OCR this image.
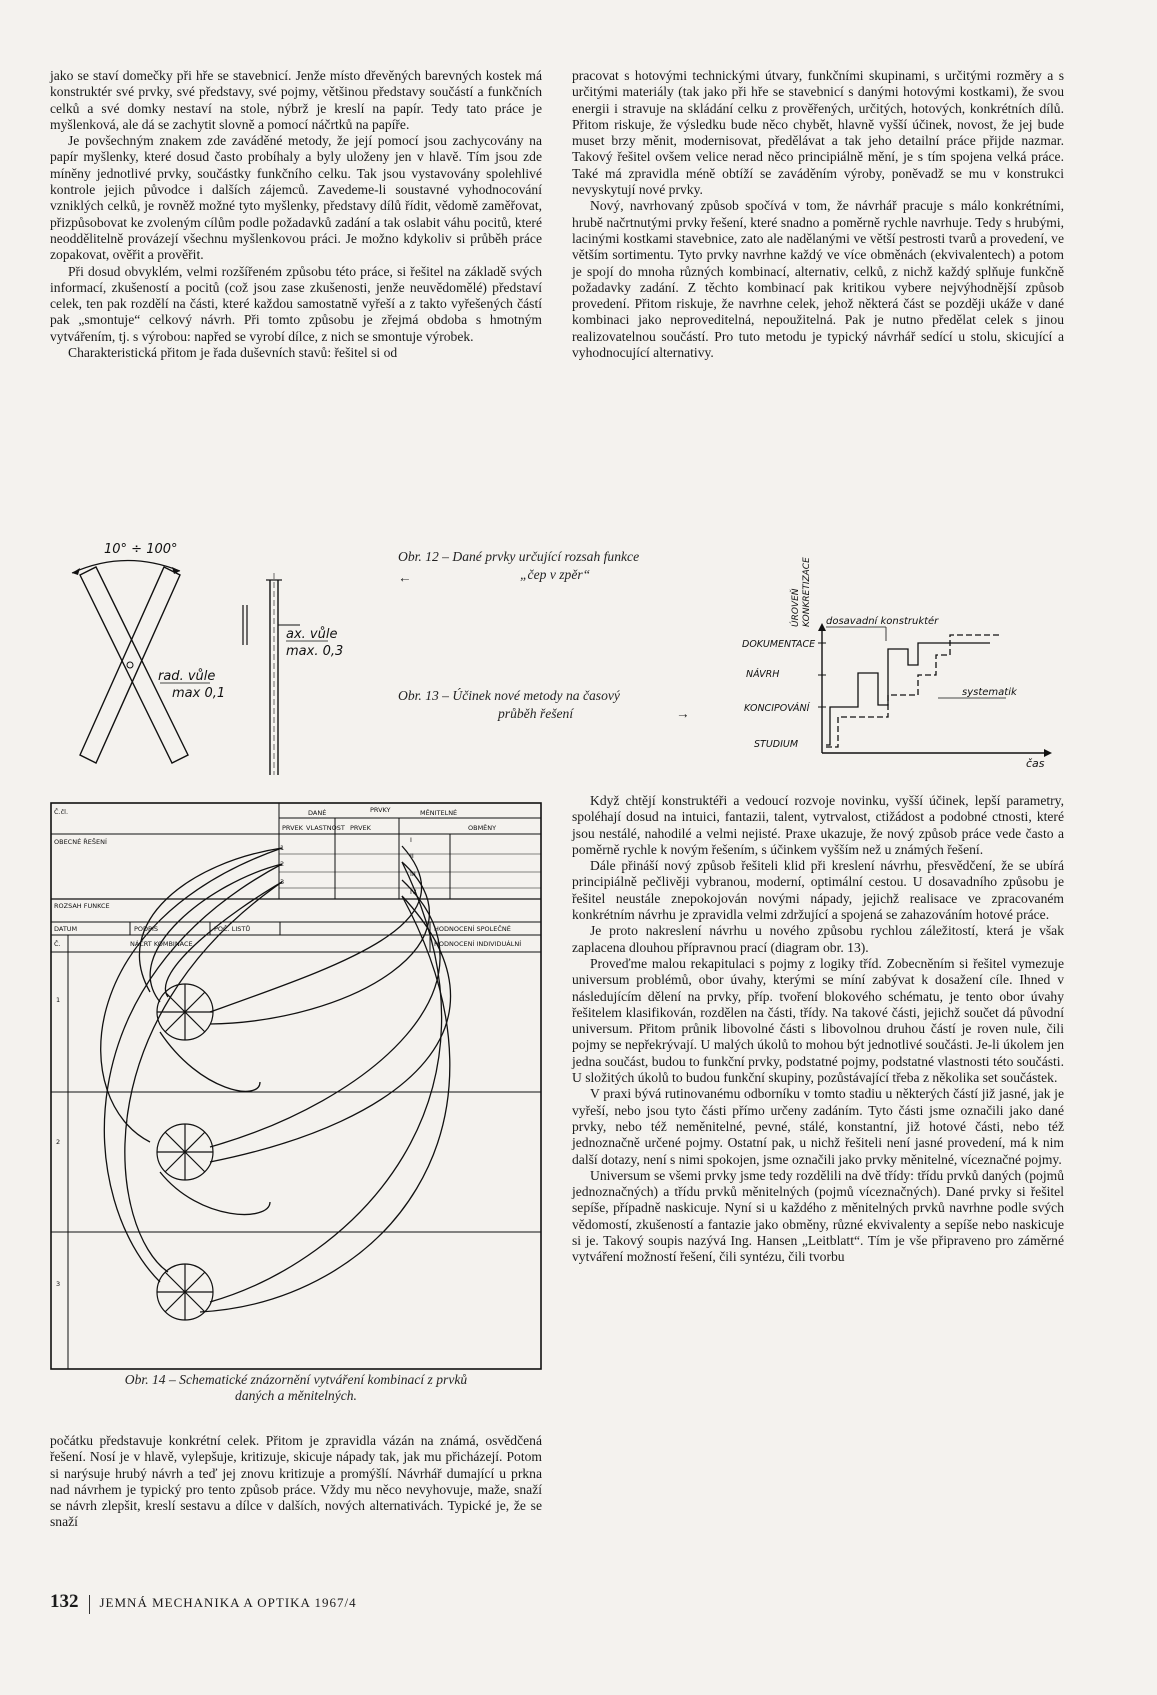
jako se staví domečky při hře se stavebnicí. Jenže místo dřevěných barevných kostek má konstruktér své prvky, své představy, své pojmy, většinou představy součástí a funkčních celků a své domky nestaví na stole, nýbrž je kreslí na papír. Tedy tato práce je myšlenková, ale dá se zachytit slovně a pomocí náčrtků na papíře.

Je povšechným znakem zde zaváděné metody, že její pomocí jsou zachycovány na papír myšlenky, které dosud často probíhaly a byly uloženy jen v hlavě. Tím jsou zde míněny jednotlivé prvky, součástky funkčního celku. Tak jsou vystavovány spolehlivé kontrole jejich původce i dalších zájemců. Zavedeme-li soustavné vyhodnocování vzniklých celků, je rovněž možné tyto myšlenky, představy dílů řídit, vědomě zaměřovat, přizpůsobovat ke zvoleným cílům podle požadavků zadání a tak oslabit váhu pocitů, které neoddělitelně provázejí všechnu myšlenkovou práci. Je možno kdykoliv si průběh práce zopakovat, ověřit a prověřit.

Při dosud obvyklém, velmi rozšířeném způsobu této práce, si řešitel na základě svých informací, zkušeností a pocitů (což jsou zase zkušenosti, jenže neuvědomělé) představí celek, ten pak rozdělí na části, které každou samostatně vyřeší a z takto vyřešených částí pak „smontuje“ celkový návrh. Při tomto způsobu je zřejmá obdoba s hmotným vytvářením, tj. s výrobou: napřed se vyrobí dílce, z nich se smontuje výrobek.

Charakteristická přitom je řada duševních stavů: řešitel si od

pracovat s hotovými technickými útvary, funkčními skupinami, s určitými rozměry a s určitými materiály (tak jako při hře se stavebnicí s danými hotovými kostkami), že svou energii i stravuje na skládání celku z prověřených, určitých, hotových, konkrétních dílů. Přitom riskuje, že výsledku bude něco chybět, hlavně vyšší účinek, novost, že jej bude muset brzy měnit, modernisovat, předělávat a tak jeho detailní práce přijde nazmar. Takový řešitel ovšem velice nerad něco principiálně mění, je s tím spojena velká práce. Také má zpravidla méně obtíží se zaváděním výroby, poněvadž se mu v konstrukci nevyskytují nové prvky.

Nový, navrhovaný způsob spočívá v tom, že návrhář pracuje s málo konkrétními, hrubě načrtnutými prvky řešení, které snadno a poměrně rychle navrhuje. Tedy s hrubými, lacinými kostkami stavebnice, zato ale nadělanými ve větší pestrosti tvarů a provedení, ve větším sortimentu. Tyto prvky navrhne každý ve více obměnách (ekvivalentech) a potom je spojí do mnoha různých kombinací, alternativ, celků, z nichž každý splňuje funkčně požadavky zadání. Z těchto kombinací pak kritikou vybere nejvýhodnější způsob provedení. Přitom riskuje, že navrhne celek, jehož některá část se později ukáže v dané kombinaci jako neproveditelná, nepoužitelná. Pak je nutno předělat celek s jinou realizovatelnou součástí. Pro tuto metodu je typický návrhář sedící u stolu, skicující a vyhodnocující alternativy.

10° ÷ 100°
ax. vůle
max. 0,3
rad. vůle
max 0,1
Obr. 12 – Dané prvky určující rozsah funkce
„čep v zpěr“
←
Obr. 13 – Účinek nové metody na časový
průběh řešení	→
ÚROVEŇ KONKRETIZACE
čas
DOKUMENTACE
NÁVRH
KONCIPOVÁNÍ
STUDIUM
dosavadní konstruktér
systematik
Č.čl.
OBECNÉ ŘEŠENÍ
PRVKY
DANÉ	MĚNITELNÉ
PRVEK VLASTNOST PRVEK	OBMĚNY
ROZSAH FUNKCE
DATUM	PODPIS	POČ. LISTŮ	HODNOCENÍ SPOLEČNÉ
Č.	NÁČRT KOMBINACE	HODNOCENÍ INDIVIDUÁLNÍ
1
2
3
I
II
III
IV
1
2
3
Obr. 14 – Schematické znázornění vytváření kombinací z prvků
daných a měnitelných.

počátku představuje konkrétní celek. Přitom je zpravidla vázán na známá, osvědčená řešení. Nosí je v hlavě, vylepšuje, kritizuje, skicuje nápady tak, jak mu přicházejí. Potom si narýsuje hrubý návrh a teď jej znovu kritizuje a promýšlí. Návrhář dumající u prkna nad návrhem je typický pro tento způsob práce. Vždy mu něco nevyhovuje, maže, snaží se návrh zlepšit, kreslí sestavu a dílce v dalších, nových alternativách. Typické je, že se snaží

Když chtějí konstruktéři a vedoucí rozvoje novinku, vyšší účinek, lepší parametry, spoléhají dosud na intuici, fantazii, talent, vytrvalost, ctižádost a podobné ctnosti, které jsou nestálé, nahodilé a velmi nejisté. Praxe ukazuje, že nový způsob práce vede často a poměrně rychle k novým řešením, s účinkem vyšším než u známých řešení.

Dále přináší nový způsob řešiteli klid při kreslení návrhu, přesvědčení, že se ubírá principiálně pečlivěji vybranou, moderní, optimální cestou. U dosavadního způsobu je řešitel neustále znepokojován novými nápady, jejichž realisace ve zpracovaném konkrétním návrhu je zpravidla velmi zdržující a spojená se zahazováním hotové práce.

Je proto nakreslení návrhu u nového způsobu rychlou záležitostí, která je však zaplacena dlouhou přípravnou prací (diagram obr. 13).

Proveďme malou rekapitulaci s pojmy z logiky tříd. Zobecněním si řešitel vymezuje universum problémů, obor úvahy, kterými se míní zabývat k dosažení cíle. Ihned v následujícím dělení na prvky, příp. tvoření blokového schématu, je tento obor úvahy řešitelem klasifikován, rozdělen na části, třídy. Na takové části, jejichž součet dá původní universum. Přitom průnik libovolné části s libovolnou druhou částí je roven nule, čili pojmy se nepřekrývají. U malých úkolů to mohou být jednotlivé součásti. Je-li úkolem jen jedna součást, budou to funkční prvky, podstatné pojmy, podstatné vlastnosti této součásti. U složitých úkolů to budou funkční skupiny, pozůstávající třeba z několika set součástek.

V praxi bývá rutinovanému odborníku v tomto stadiu u některých částí již jasné, jak je vyřeší, nebo jsou tyto části přímo určeny zadáním. Tyto části jsme označili jako dané prvky, nebo též neměnitelné, pevné, stálé, konstantní, již hotové části, nebo též jednoznačně určené pojmy. Ostatní pak, u nichž řešiteli není jasné provedení, má k nim další dotazy, není s nimi spokojen, jsme označili jako prvky měnitelné, víceznačné pojmy.

Universum se všemi prvky jsme tedy rozdělili na dvě třídy: třídu prvků daných (pojmů jednoznačných) a třídu prvků měnitelných (pojmů víceznačných). Dané prvky si řešitel sepíše, případně naskicuje. Nyní si u každého z měnitelných prvků navrhne podle svých vědomostí, zkušeností a fantazie jako obměny, různé ekvivalenty a sepíše nebo naskicuje si je. Takový soupis nazývá Ing. Hansen „Leitblatt“. Tím je vše připraveno pro záměrné vytváření možností řešení, čili syntézu, čili tvorbu

132 JEMNÁ MECHANIKA A OPTIKA 1967/4
